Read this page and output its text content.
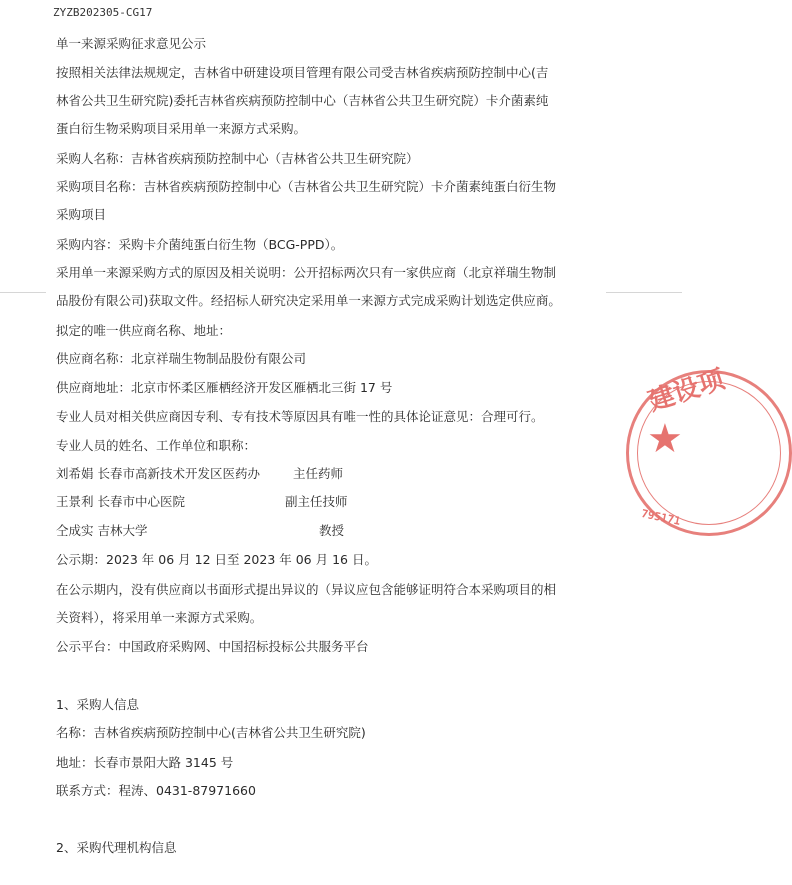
ZYZB202305-CG17
单一来源采购征求意见公示
按照相关法律法规规定，吉林省中研建设项目管理有限公司受吉林省疾病预防控制中心(吉
林省公共卫生研究院)委托吉林省疾病预防控制中心（吉林省公共卫生研究院）卡介菌素纯
蛋白衍生物采购项目采用单一来源方式采购。
采购人名称：吉林省疾病预防控制中心（吉林省公共卫生研究院）
采购项目名称：吉林省疾病预防控制中心（吉林省公共卫生研究院）卡介菌素纯蛋白衍生物
采购项目
采购内容：采购卡介菌纯蛋白衍生物（BCG-PPD）。
采用单一来源采购方式的原因及相关说明：公开招标两次只有一家供应商（北京祥瑞生物制
品股份有限公司)获取文件。经招标人研究决定采用单一来源方式完成采购计划选定供应商。
拟定的唯一供应商名称、地址：
供应商名称：北京祥瑞生物制品股份有限公司
供应商地址：北京市怀柔区雁栖经济开发区雁栖北三街 17 号
专业人员对相关供应商因专利、专有技术等原因具有唯一性的具体论证意见：合理可行。
专业人员的姓名、工作单位和职称：
刘希娟 长春市高新技术开发区医药办	主任药师
王景利 长春市中心医院	副主任技师
仝成实 吉林大学	教授
公示期：2023 年 06 月 12 日至 2023 年 06 月 16 日。
在公示期内，没有供应商以书面形式提出异议的（异议应包含能够证明符合本采购项目的相
关资料），将采用单一来源方式采购。
公示平台：中国政府采购网、中国招标投标公共服务平台
1、采购人信息
名称：吉林省疾病预防控制中心(吉林省公共卫生研究院)
地址：长春市景阳大路 3145 号
联系方式：程涛、0431-87971660
2、采购代理机构信息
建设项
★
795171
